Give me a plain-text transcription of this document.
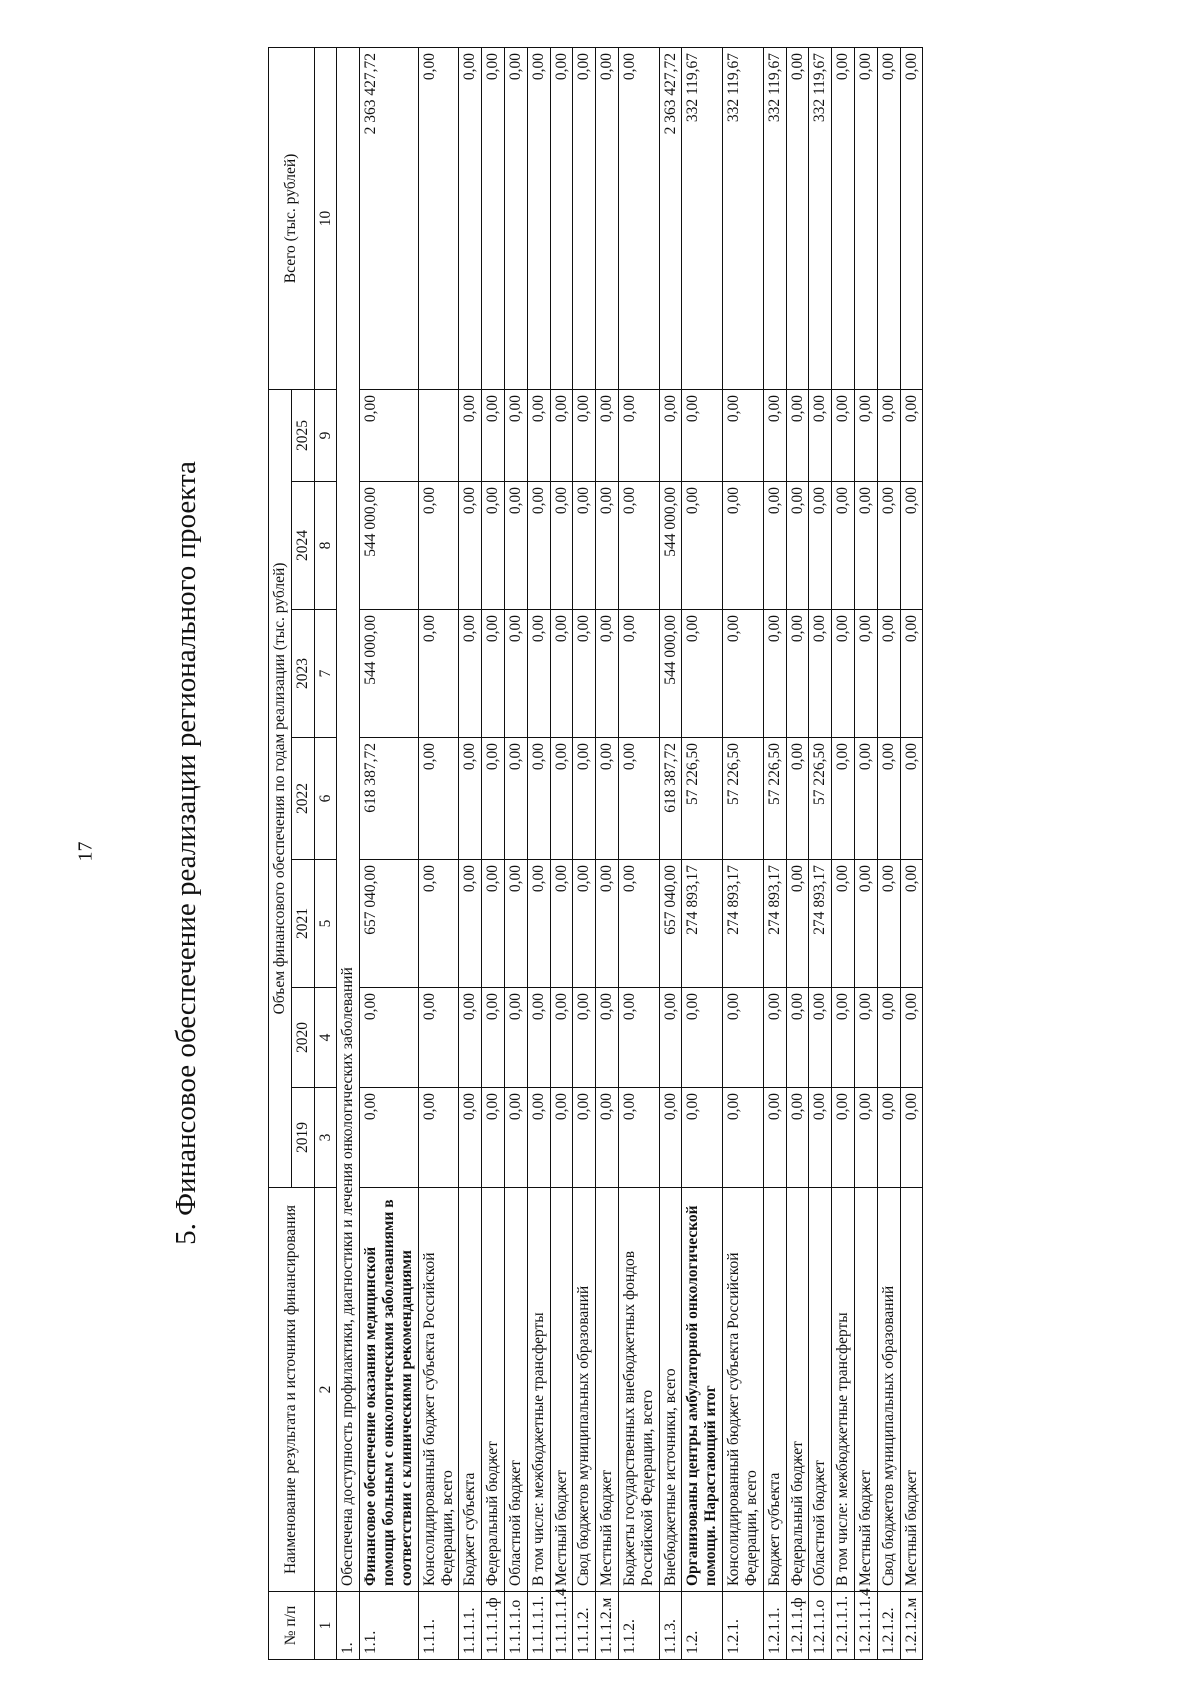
17	5. Финансовое обеспечение реализации регионального проекта
№ п/п	Наименование результата и источники финансирования	Объем финансового обеспечения по годам реализации (тыс. рублей)							Всего (тыс. рублей)
		2019	2020	2021	2022	2023	2024	2025	
1	2	3	4	5	6	7	8	9	10
1.	Обеспечена доступность профилактики, диагностики и лечения онкологических заболеваний								
1.1.	Финансовое обеспечение оказания медицинской помощи больным с онкологическими заболеваниями в соответствии с клиническими рекомендациями	0,00	0,00	657 040,00	618 387,72	544 000,00	544 000,00	0,00	2 363 427,72
1.1.1.	Консолидированный бюджет субъекта Российской Федерации, всего	0,00	0,00	0,00	0,00	0,00	0,00		0,00
1.1.1.1.	Бюджет субъекта	0,00	0,00	0,00	0,00	0,00	0,00	0,00	0,00
1.1.1.1.ф	Федеральный бюджет	0,00	0,00	0,00	0,00	0,00	0,00	0,00	0,00
1.1.1.1.о	Областной бюджет	0,00	0,00	0,00	0,00	0,00	0,00	0,00	0,00
1.1.1.1.1.	В том числе: межбюджетные трансферты	0,00	0,00	0,00	0,00	0,00	0,00	0,00	0,00
1.1.1.1.1.4	Местный бюджет	0,00	0,00	0,00	0,00	0,00	0,00	0,00	0,00
1.1.1.2.	Свод бюджетов муниципальных образований	0,00	0,00	0,00	0,00	0,00	0,00	0,00	0,00
1.1.1.2.м	Местный бюджет	0,00	0,00	0,00	0,00	0,00	0,00	0,00	0,00
1.1.2.	Бюджеты государственных внебюджетных фондов Российской Федерации, всего	0,00	0,00	0,00	0,00	0,00	0,00	0,00	0,00
1.1.3.	Внебюджетные источники, всего	0,00	0,00	657 040,00	618 387,72	544 000,00	544 000,00	0,00	2 363 427,72
1.2.	Организованы центры амбулаторной онкологической помощи. Нарастающий итог	0,00	0,00	274 893,17	57 226,50	0,00	0,00	0,00	332 119,67
1.2.1.	Консолидированный бюджет субъекта Российской Федерации, всего	0,00	0,00	274 893,17	57 226,50	0,00	0,00	0,00	332 119,67
1.2.1.1.	Бюджет субъекта	0,00	0,00	274 893,17	57 226,50	0,00	0,00	0,00	332 119,67
1.2.1.1.ф	Федеральный бюджет	0,00	0,00	0,00	0,00	0,00	0,00	0,00	0,00
1.2.1.1.о	Областной бюджет	0,00	0,00	274 893,17	57 226,50	0,00	0,00	0,00	332 119,67
1.2.1.1.1.	В том числе: межбюджетные трансферты	0,00	0,00	0,00	0,00	0,00	0,00	0,00	0,00
1.2.1.1.1.4	Местный бюджет	0,00	0,00	0,00	0,00	0,00	0,00	0,00	0,00
1.2.1.2.	Свод бюджетов муниципальных образований	0,00	0,00	0,00	0,00	0,00	0,00	0,00	0,00
1.2.1.2.м	Местный бюджет	0,00	0,00	0,00	0,00	0,00	0,00	0,00	0,00
